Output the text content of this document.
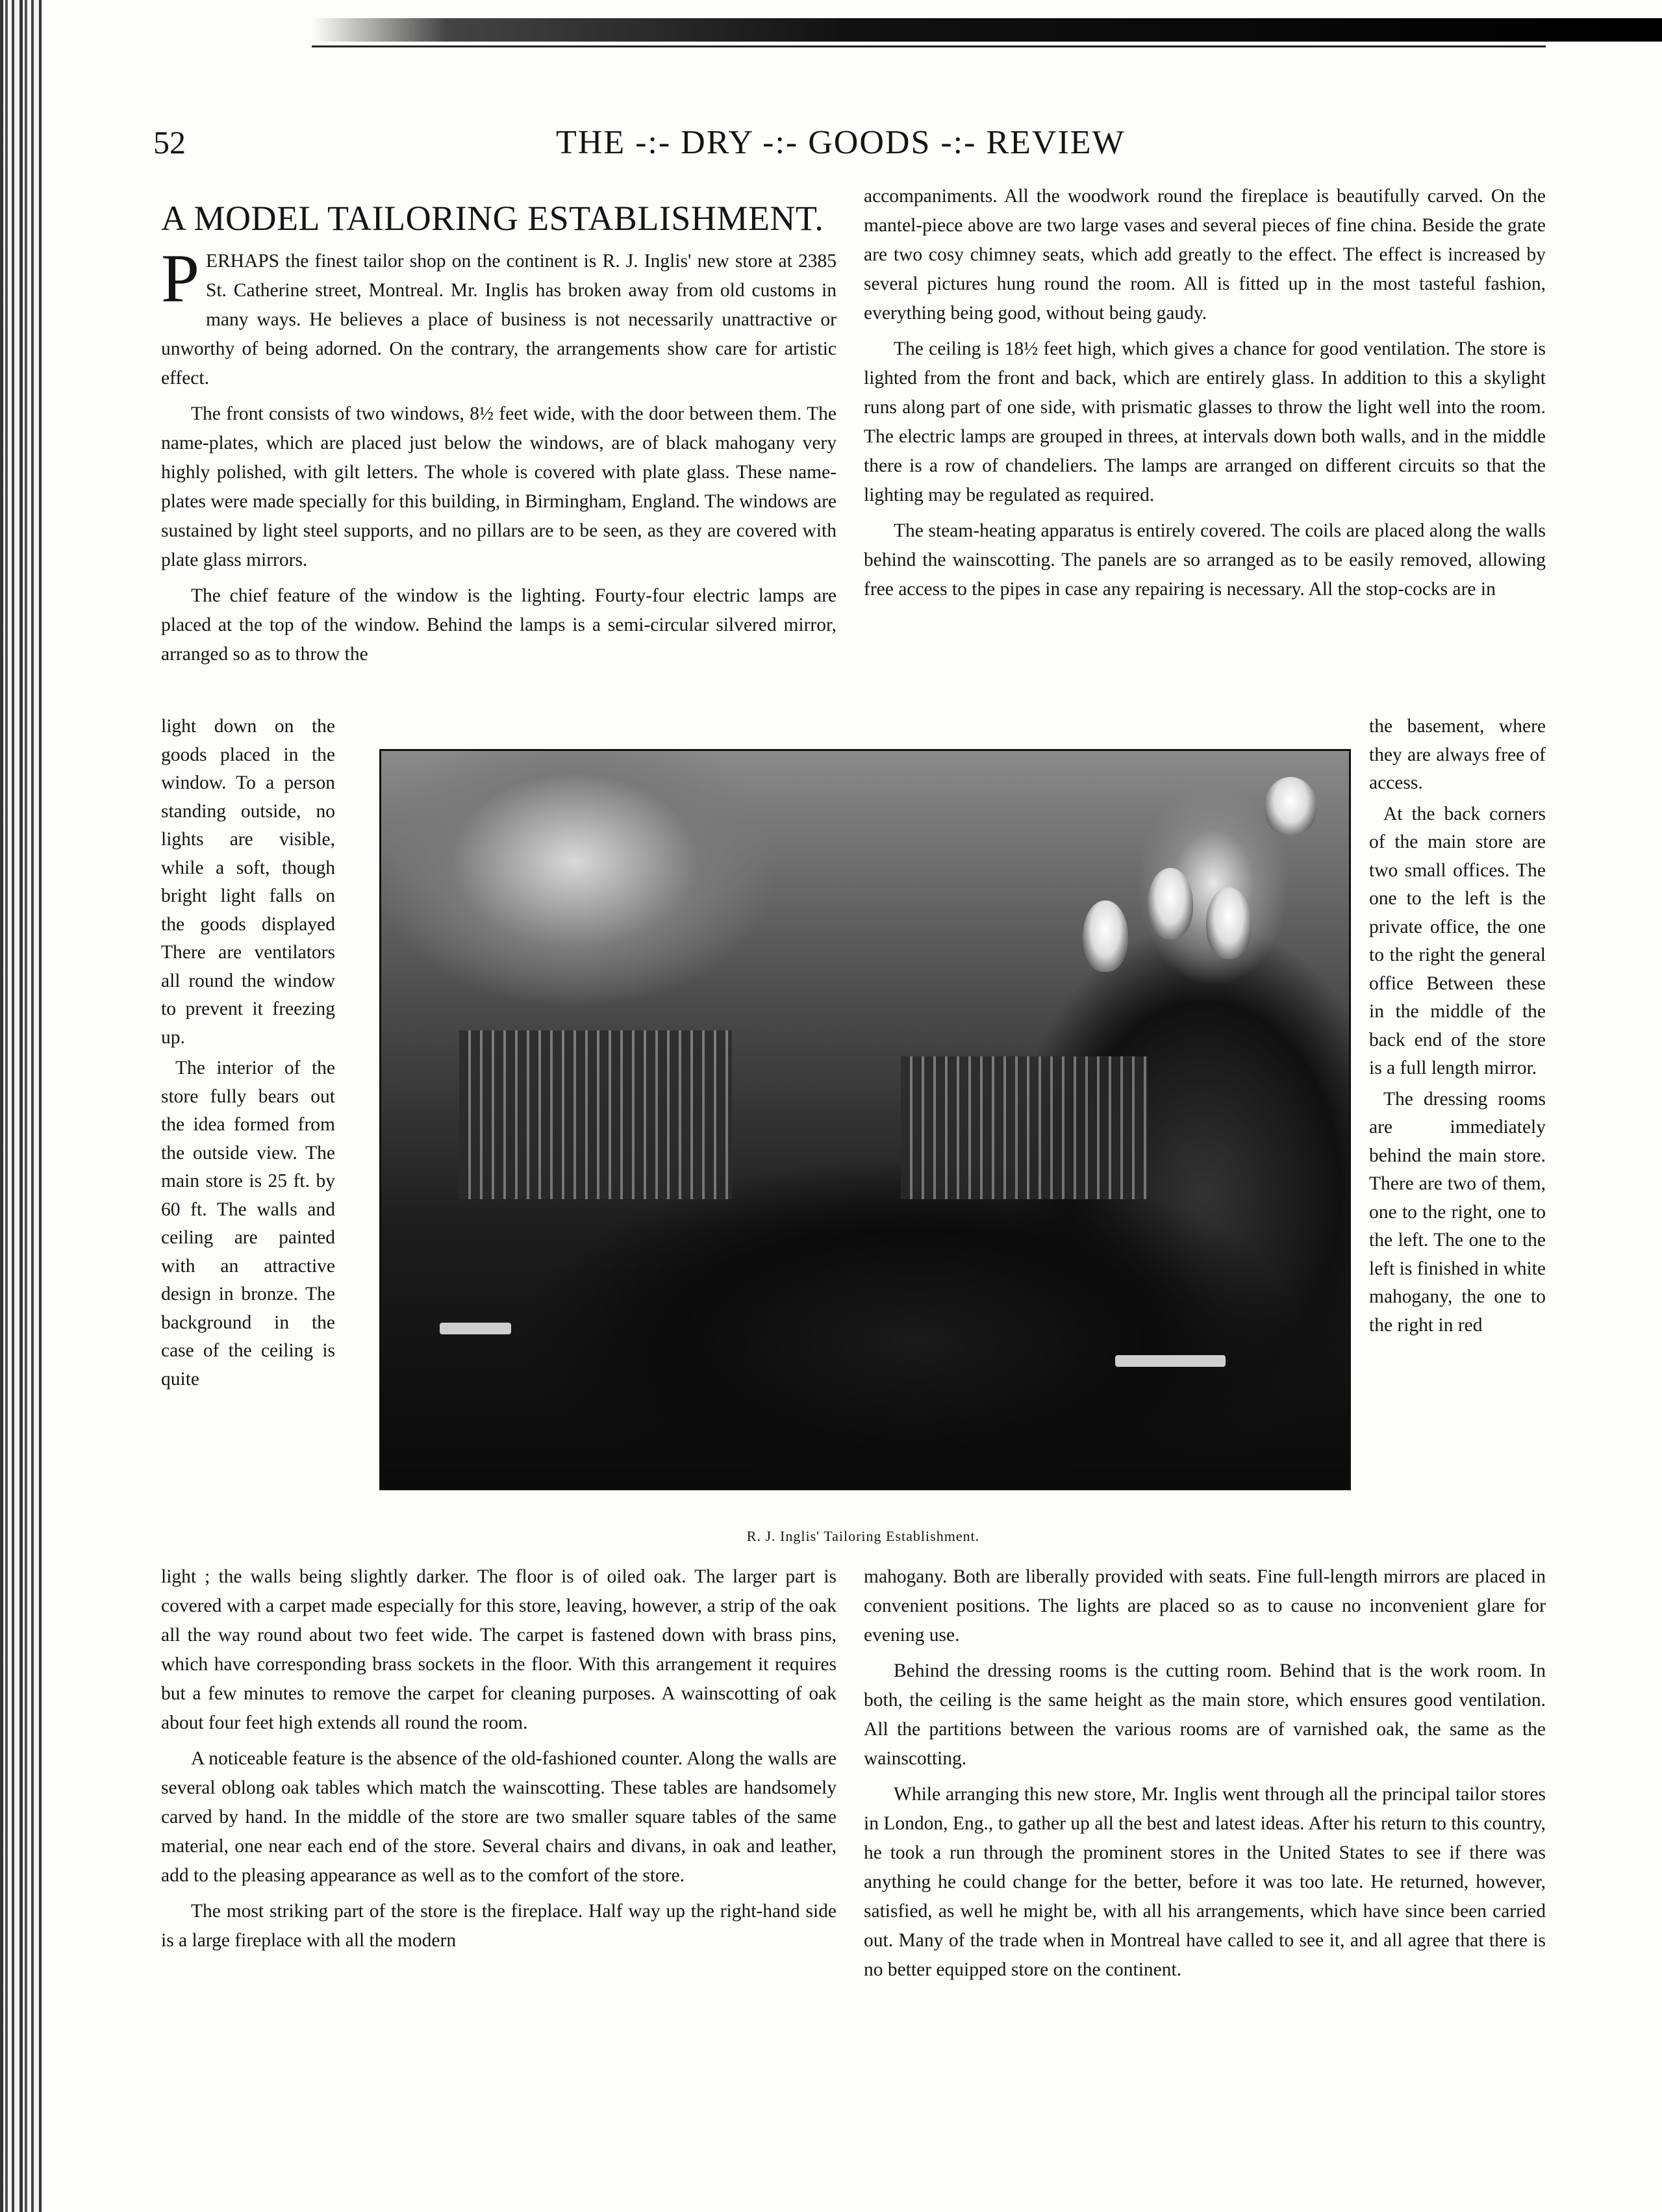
52	THE -:- DRY -:- GOODS -:- REVIEW
A MODEL TAILORING ESTABLISHMENT.

PERHAPS the finest tailor shop on the continent is R. J. Inglis' new store at 2385 St. Catherine street, Montreal. Mr. Inglis has broken away from old customs in many ways. He believes a place of business is not necessarily unattractive or unworthy of being adorned. On the contrary, the arrangements show care for artistic effect.

The front consists of two windows, 8½ feet wide, with the door between them. The name-plates, which are placed just below the windows, are of black mahogany very highly polished, with gilt letters. The whole is covered with plate glass. These name-plates were made specially for this building, in Birmingham, England. The windows are sustained by light steel supports, and no pillars are to be seen, as they are covered with plate glass mirrors.

The chief feature of the window is the lighting. Fourty-four electric lamps are placed at the top of the window. Behind the lamps is a semi-circular silvered mirror, arranged so as to throw the

accompaniments. All the woodwork round the fireplace is beautifully carved. On the mantel-piece above are two large vases and several pieces of fine china. Beside the grate are two cosy chimney seats, which add greatly to the effect. The effect is increased by several pictures hung round the room. All is fitted up in the most tasteful fashion, everything being good, without being gaudy.

The ceiling is 18½ feet high, which gives a chance for good ventilation. The store is lighted from the front and back, which are entirely glass. In addition to this a skylight runs along part of one side, with prismatic glasses to throw the light well into the room. The electric lamps are grouped in threes, at intervals down both walls, and in the middle there is a row of chandeliers. The lamps are arranged on different circuits so that the lighting may be regulated as required.

The steam-heating apparatus is entirely covered. The coils are placed along the walls behind the wainscotting. The panels are so arranged as to be easily removed, allowing free access to the pipes in case any repairing is necessary. All the stop-cocks are in

light down on the goods placed in the window. To a person standing outside, no lights are visible, while a soft, though bright light falls on the goods displayed There are ventilators all round the window to prevent it freezing up.

The interior of the store fully bears out the idea formed from the outside view. The main store is 25 ft. by 60 ft. The walls and ceiling are painted with an attractive design in bronze. The background in the case of the ceiling is quite

R. J. Inglis' Tailoring Establishment.

the basement, where they are always free of access.

At the back corners of the main store are two small offices. The one to the left is the private office, the one to the right the general office Between these in the middle of the back end of the store is a full length mirror.

The dressing rooms are immediately behind the main store. There are two of them, one to the right, one to the left. The one to the left is finished in white mahogany, the one to the right in red

light ; the walls being slightly darker. The floor is of oiled oak. The larger part is covered with a carpet made especially for this store, leaving, however, a strip of the oak all the way round about two feet wide. The carpet is fastened down with brass pins, which have corresponding brass sockets in the floor. With this arrangement it requires but a few minutes to remove the carpet for cleaning purposes. A wainscotting of oak about four feet high extends all round the room.

A noticeable feature is the absence of the old-fashioned counter. Along the walls are several oblong oak tables which match the wainscotting. These tables are handsomely carved by hand. In the middle of the store are two smaller square tables of the same material, one near each end of the store. Several chairs and divans, in oak and leather, add to the pleasing appearance as well as to the comfort of the store.

The most striking part of the store is the fireplace. Half way up the right-hand side is a large fireplace with all the modern

mahogany. Both are liberally provided with seats. Fine full-length mirrors are placed in convenient positions. The lights are placed so as to cause no inconvenient glare for evening use.

Behind the dressing rooms is the cutting room. Behind that is the work room. In both, the ceiling is the same height as the main store, which ensures good ventilation. All the partitions between the various rooms are of varnished oak, the same as the wainscotting.

While arranging this new store, Mr. Inglis went through all the principal tailor stores in London, Eng., to gather up all the best and latest ideas. After his return to this country, he took a run through the prominent stores in the United States to see if there was anything he could change for the better, before it was too late. He returned, however, satisfied, as well he might be, with all his arrangements, which have since been carried out. Many of the trade when in Montreal have called to see it, and all agree that there is no better equipped store on the continent.
